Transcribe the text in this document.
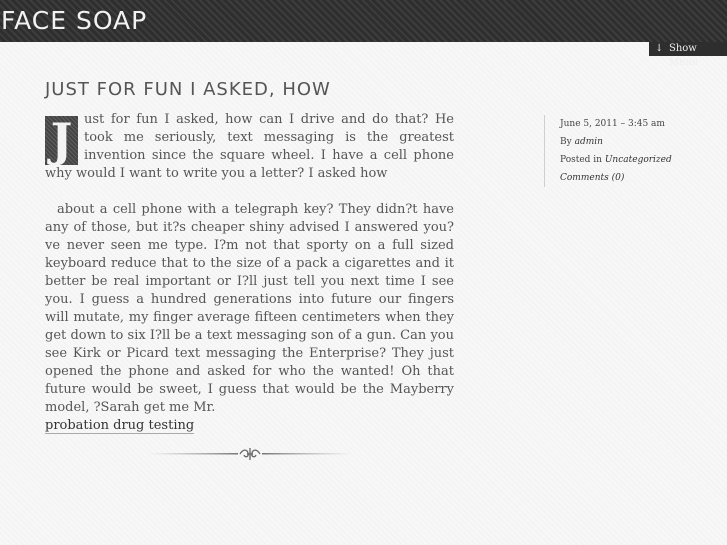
FACE SOAP
↓ Show Menu
JUST FOR FUN I ASKED, HOW
J ust for fun I asked, how can I drive and do that? He took me seriously, text messaging is the greatest invention since the square wheel. I have a cell phone why would I want to write you a letter? I asked how

about a cell phone with a telegraph key? They didn?t have any of those, but it?s cheaper shiny advised I answered you?ve never seen me type. I?m not that sporty on a full sized keyboard reduce that to the size of a pack a cigarettes and it better be real important or I?ll just tell you next time I see you. I guess a hundred generations into future our fingers will mutate, my finger average fifteen centimeters when they get down to six I?ll be a text messaging son of a gun. Can you see Kirk or Picard text messaging the Enterprise? They just opened the phone and asked for who the wanted! Oh that future would be sweet, I guess that would be the Mayberry model, ?Sarah get me Mr.

probation drug testing
June 5, 2011 – 3:45 am
By admin
Posted in Uncategorized
Comments (0)
